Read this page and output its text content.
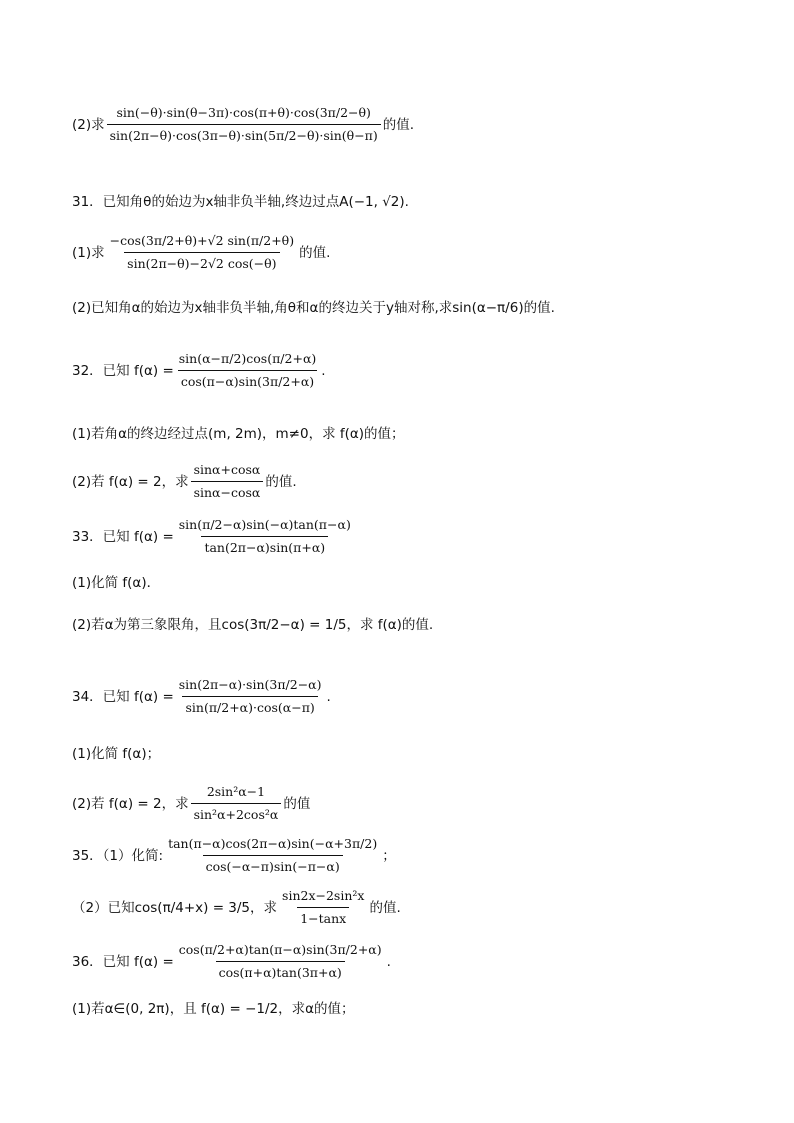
(2)求 $\frac{\sin(-\theta)\cdot\sin(\theta-3\pi)\cdot\cos(\pi+\theta)\cdot\cos(3\pi/2-\theta)}{\sin(2\pi-\theta)\cdot\cos(3\pi-\theta)\cdot\sin(5\pi/2-\theta)\cdot\sin(\theta-\pi)}$ 的值.
31．已知角θ的始边为x轴非负半轴,终边过点A(−1, √2).
(1)求 $\frac{-\cos(3\pi/2+\theta)+√2 \sin(\pi/2+\theta)}{\sin(2\pi-\theta)-2√2 \cos(-\theta)}$ 的值.
(2)已知角α的始边为x轴非负半轴,角θ和α的终边关于y轴对称,求sin(α−π/6)的值.
32．已知 $f(\alpha) = \frac{\sin(\alpha-\pi/2)\cos(\pi/2+\alpha)}{\cos(\pi-\alpha)\sin(3\pi/2+\alpha)}$ .
(1)若角α的终边经过点(m, 2m)，m≠0，求 f(α)的值；
(2)若 f(α) = 2，求 $\frac{\sin\alpha+\cos\alpha}{\sin\alpha-\cos\alpha}$ 的值.
33．已知 $f(\alpha) = \frac{\sin(\pi/2-\alpha)\sin(-\alpha)\tan(\pi-\alpha)}{\tan(2\pi-\alpha)\sin(\pi+\alpha)}$
(1)化简 f(α)．
(2)若α为第三象限角，且cos(3π/2−α) = 1/5，求 f(α)的值.
34．已知 $f(\alpha) = \frac{\sin(2\pi-\alpha)\cdot\sin(3\pi/2-\alpha)}{\sin(\pi/2+\alpha)\cdot\cos(\alpha-\pi)}$ .
(1)化简 f(α)；
(2)若 f(α) = 2，求 $\frac{\text{2sin²α−1}}{\text{sin²α+2cos²α}}$ 的值
35．（1）化简: $\frac{\tan(\pi-\alpha)\cos(2\pi-\alpha)\sin(-\alpha+3\pi/2)}{\cos(-\alpha-\pi)\sin(-\pi-\alpha)}$ ；
（2）已知cos(π/4+x) = 3/5，求 $\frac{\text{sin2x−2sin²x}}{1-\tan x}$ 的值.
36．已知 $f(\alpha) = \frac{\cos(\pi/2+\alpha)\tan(\pi-\alpha)\sin(3\pi/2+\alpha)}{\cos(\pi+\alpha)\tan(3\pi+\alpha)}$ .
(1)若α∈(0, 2π)，且 f(α) = −1/2，求α的值；
